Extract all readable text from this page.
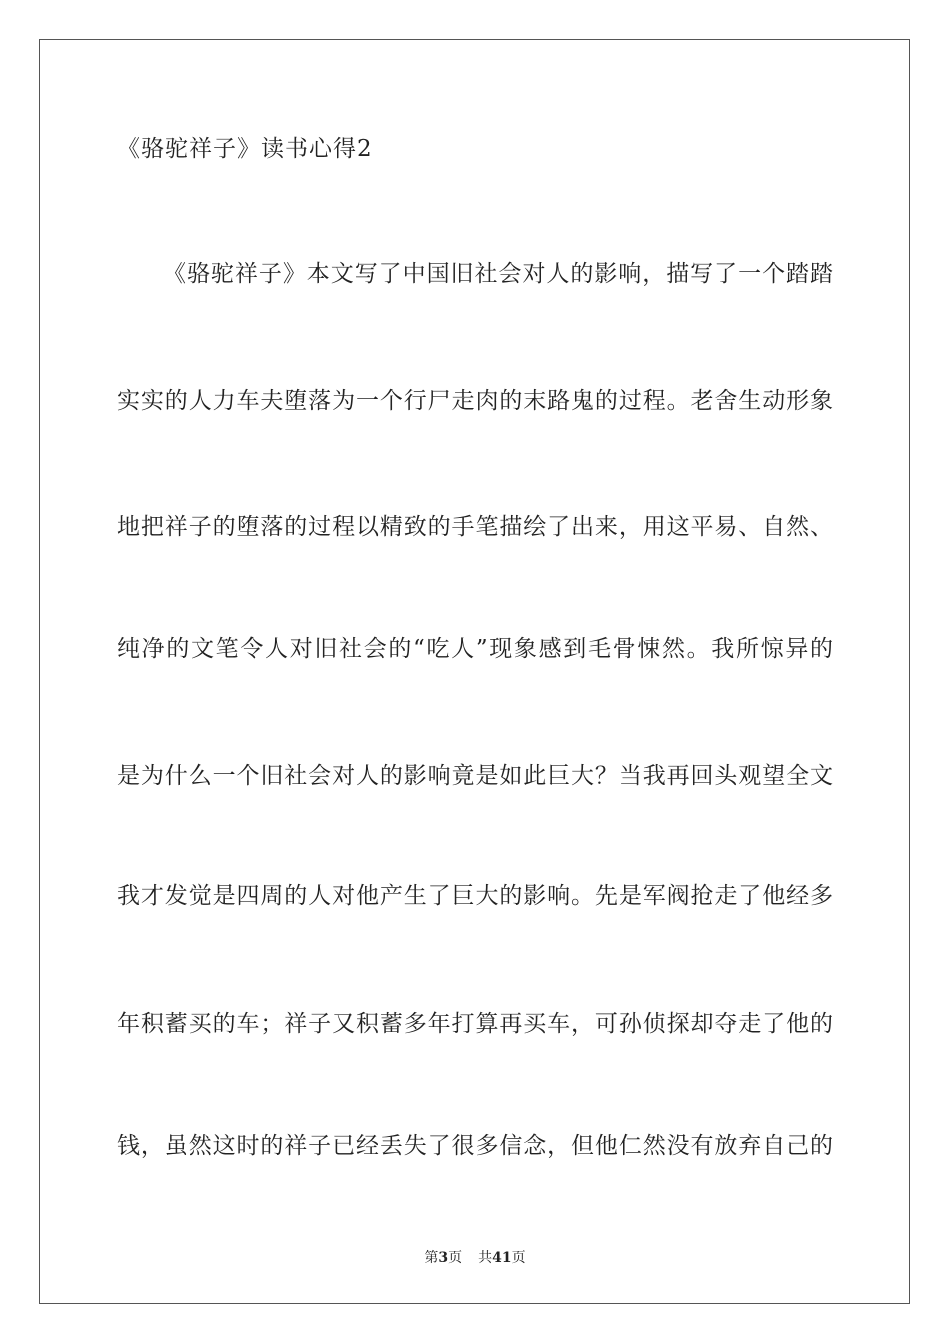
《骆驼祥子》读书心得2
《骆驼祥子》本文写了中国旧社会对人的影响，描写了一个踏踏
实实的人力车夫堕落为一个行尸走肉的末路鬼的过程。老舍生动形象
地把祥子的堕落的过程以精致的手笔描绘了出来，用这平易、自然、
纯净的文笔令人对旧社会的“吃人”现象感到毛骨悚然。我所惊异的
是为什么一个旧社会对人的影响竟是如此巨大？当我再回头观望全文
我才发觉是四周的人对他产生了巨大的影响。先是军阀抢走了他经多
年积蓄买的车；祥子又积蓄多年打算再买车，可孙侦探却夺走了他的
钱，虽然这时的祥子已经丢失了很多信念，但他仁然没有放弃自己的
第3页 共41页
